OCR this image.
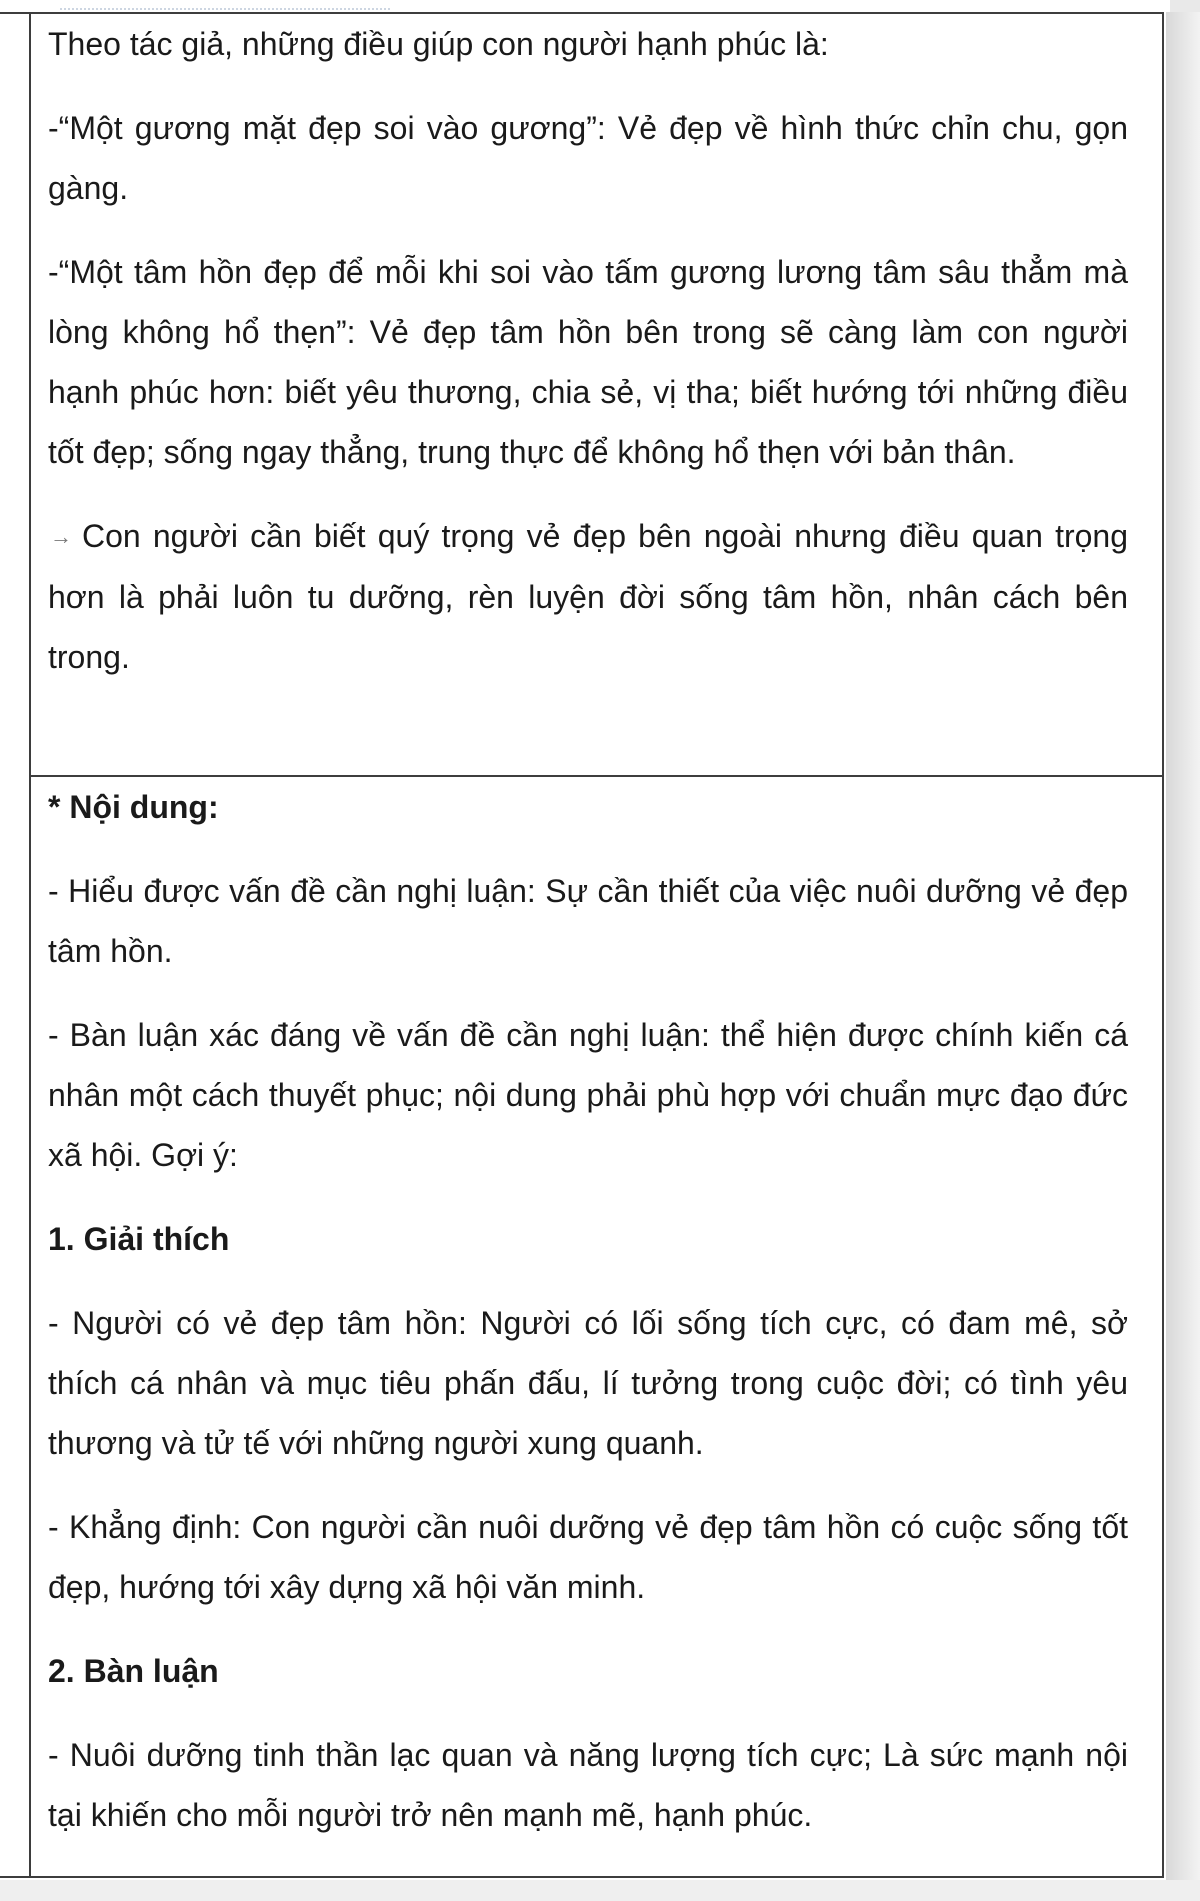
Theo tác giả, những điều giúp con người hạnh phúc là:

-“Một gương mặt đẹp soi vào gương”: Vẻ đẹp về hình thức chỉn chu, gọn gàng.

-“Một tâm hồn đẹp để mỗi khi soi vào tấm gương lương tâm sâu thẳm mà lòng không hổ thẹn”: Vẻ đẹp tâm hồn bên trong sẽ càng làm con người hạnh phúc hơn: biết yêu thương, chia sẻ, vị tha; biết hướng tới những điều tốt đẹp; sống ngay thẳng, trung thực để không hổ thẹn với bản thân.

→ Con người cần biết quý trọng vẻ đẹp bên ngoài nhưng điều quan trọng hơn là phải luôn tu dưỡng, rèn luyện đời sống tâm hồn, nhân cách bên trong.

* Nội dung:

- Hiểu được vấn đề cần nghị luận: Sự cần thiết của việc nuôi dưỡng vẻ đẹp tâm hồn.

- Bàn luận xác đáng về vấn đề cần nghị luận: thể hiện được chính kiến cá nhân một cách thuyết phục; nội dung phải phù hợp với chuẩn mực đạo đức xã hội. Gợi ý:

1. Giải thích

- Người có vẻ đẹp tâm hồn: Người có lối sống tích cực, có đam mê, sở thích cá nhân và mục tiêu phấn đấu, lí tưởng trong cuộc đời; có tình yêu thương và tử tế với những người xung quanh.

- Khẳng định: Con người cần nuôi dưỡng vẻ đẹp tâm hồn có cuộc sống tốt đẹp, hướng tới xây dựng xã hội văn minh.

2. Bàn luận

- Nuôi dưỡng tinh thần lạc quan và năng lượng tích cực; Là sức mạnh nội tại khiến cho mỗi người trở nên mạnh mẽ, hạnh phúc.
